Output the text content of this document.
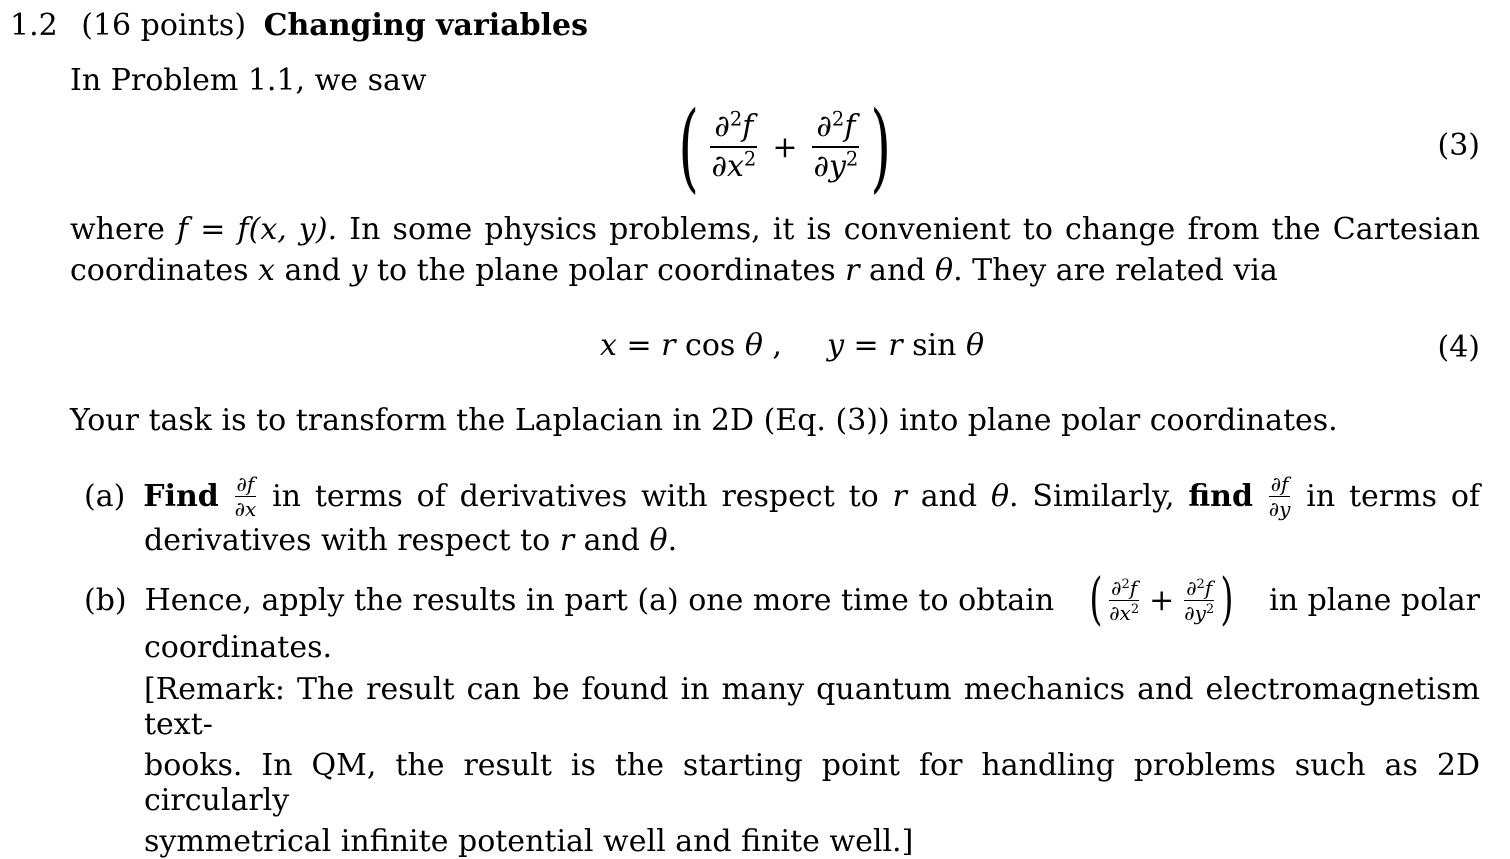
1.2 (16 points) Changing variables
In Problem 1.1, we saw
( $\frac{\partial^2f}{\partial x^2} + \frac{\partial^2f}{\partial y^2}$ )	(3)
where f = f(x, y). In some physics problems, it is convenient to change from the Cartesian
coordinates x and y to the plane polar coordinates r and θ. They are related via
x = r cos θ , y = r sin θ	(4)
Your task is to transform the Laplacian in 2D (Eq. (3)) into plane polar coordinates.
(a) Find $\frac{\partial f}{\partial x}$ in terms of derivatives with respect to r and θ. Similarly, find $\frac{\partial f}{\partial y}$ in terms of
derivatives with respect to r and θ.
(b) Hence, apply the results in part (a) one more time to obtain ( $\frac{\partial^2f}{\partial x^2} + \frac{\partial^2f}{\partial y^2}$ ) in plane polar
coordinates.
[Remark: The result can be found in many quantum mechanics and electromagnetism text-
books. In QM, the result is the starting point for handling problems such as 2D circularly
symmetrical infinite potential well and finite well.]
